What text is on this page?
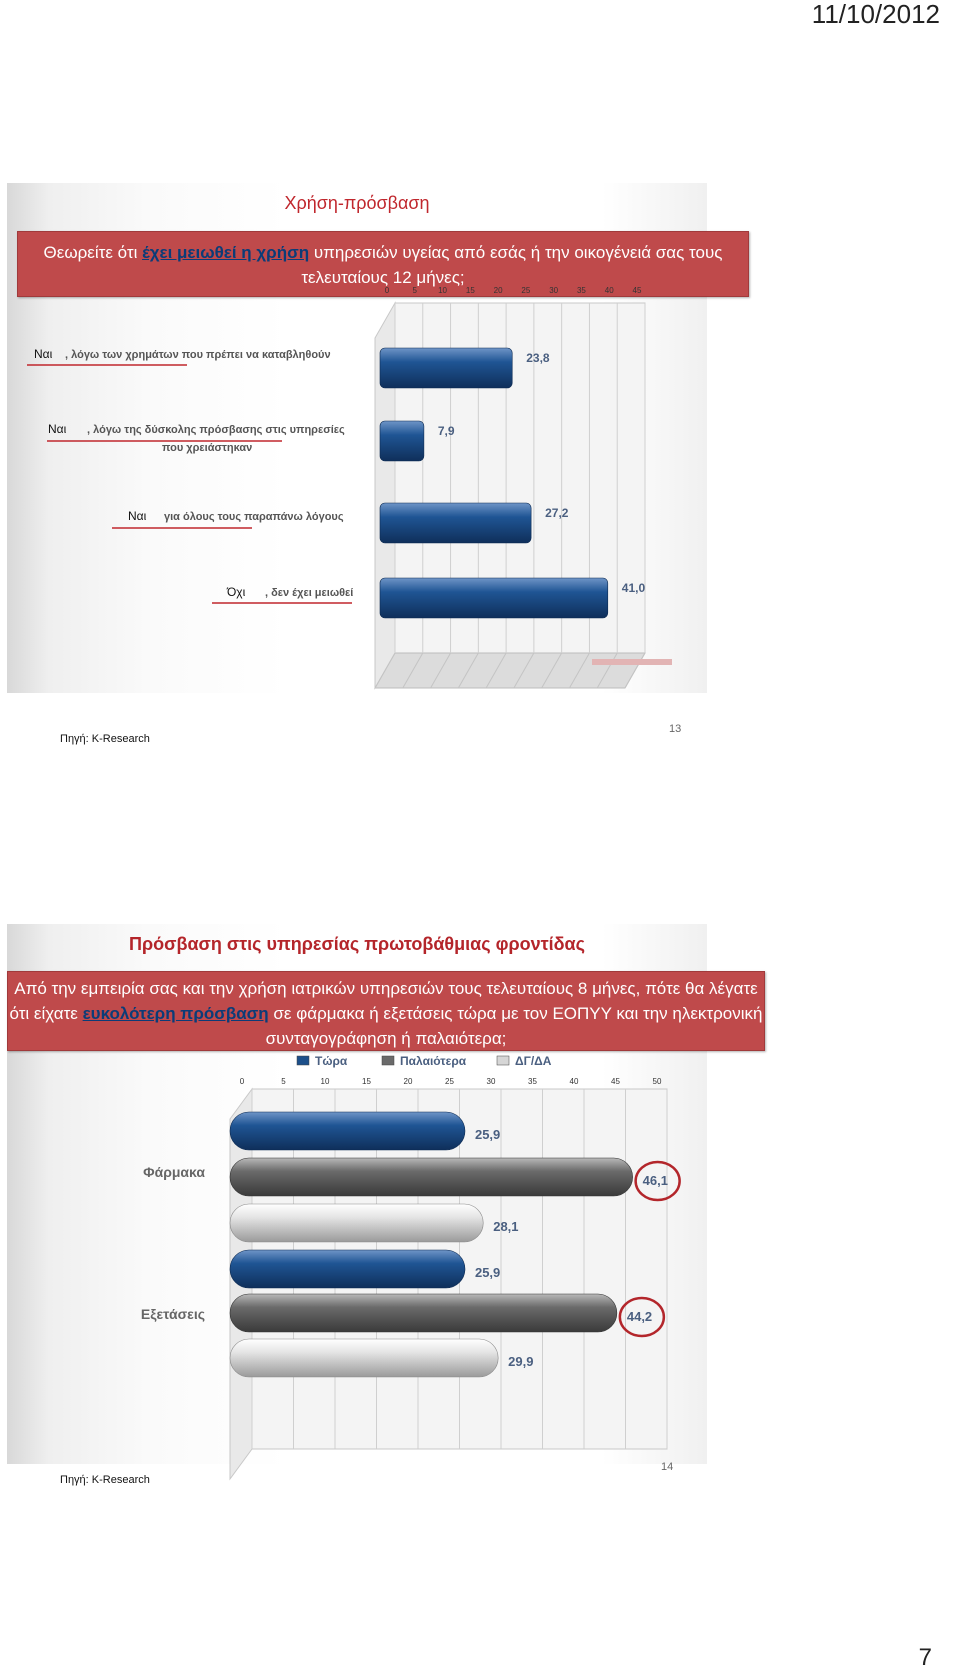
11/10/2012
Χρήση-πρόσβαση
Θεωρείτε ότι έχει μειωθεί η χρήση υπηρεσιών υγείας από εσάς ή την οικογένειά σας τους τελευταίους 12 μήνες;
0	5	10 15 20 25 30 35 40 45
23,8
7,9
27,2
41,0
Ναι , λόγω των χρημάτων που πρέπει να καταβληθούν
Ναι , λόγω της δύσκολης πρόσβασης στις υπηρεσίες
που χρειάστηκαν
Ναι για όλους τους παραπάνω λόγους
Όχι , δεν έχει μειωθεί
Πηγή: K-Research
13
Πρόσβαση στις υπηρεσίας πρωτοβάθμιας φροντίδας
Από την εμπειρία σας και την χρήση ιατρικών υπηρεσιών τους τελευταίους 8 μήνες, πότε θα λέγατε ότι είχατε ευκολότερη πρόσβαση σε φάρμακα ή εξετάσεις τώρα με τον ΕΟΠΥΥ και την ηλεκτρονική συνταγογράφηση ή παλαιότερα;
Τώρα	Παλαιότερα	ΔΓ/ΔΑ
0	5	10	15	20	25	30	35	40	45	50
Φάρμακα
25,9
46,1
28,1
Εξετάσεις
25,9
44,2
29,9
Πηγή: K-Research
14
7
